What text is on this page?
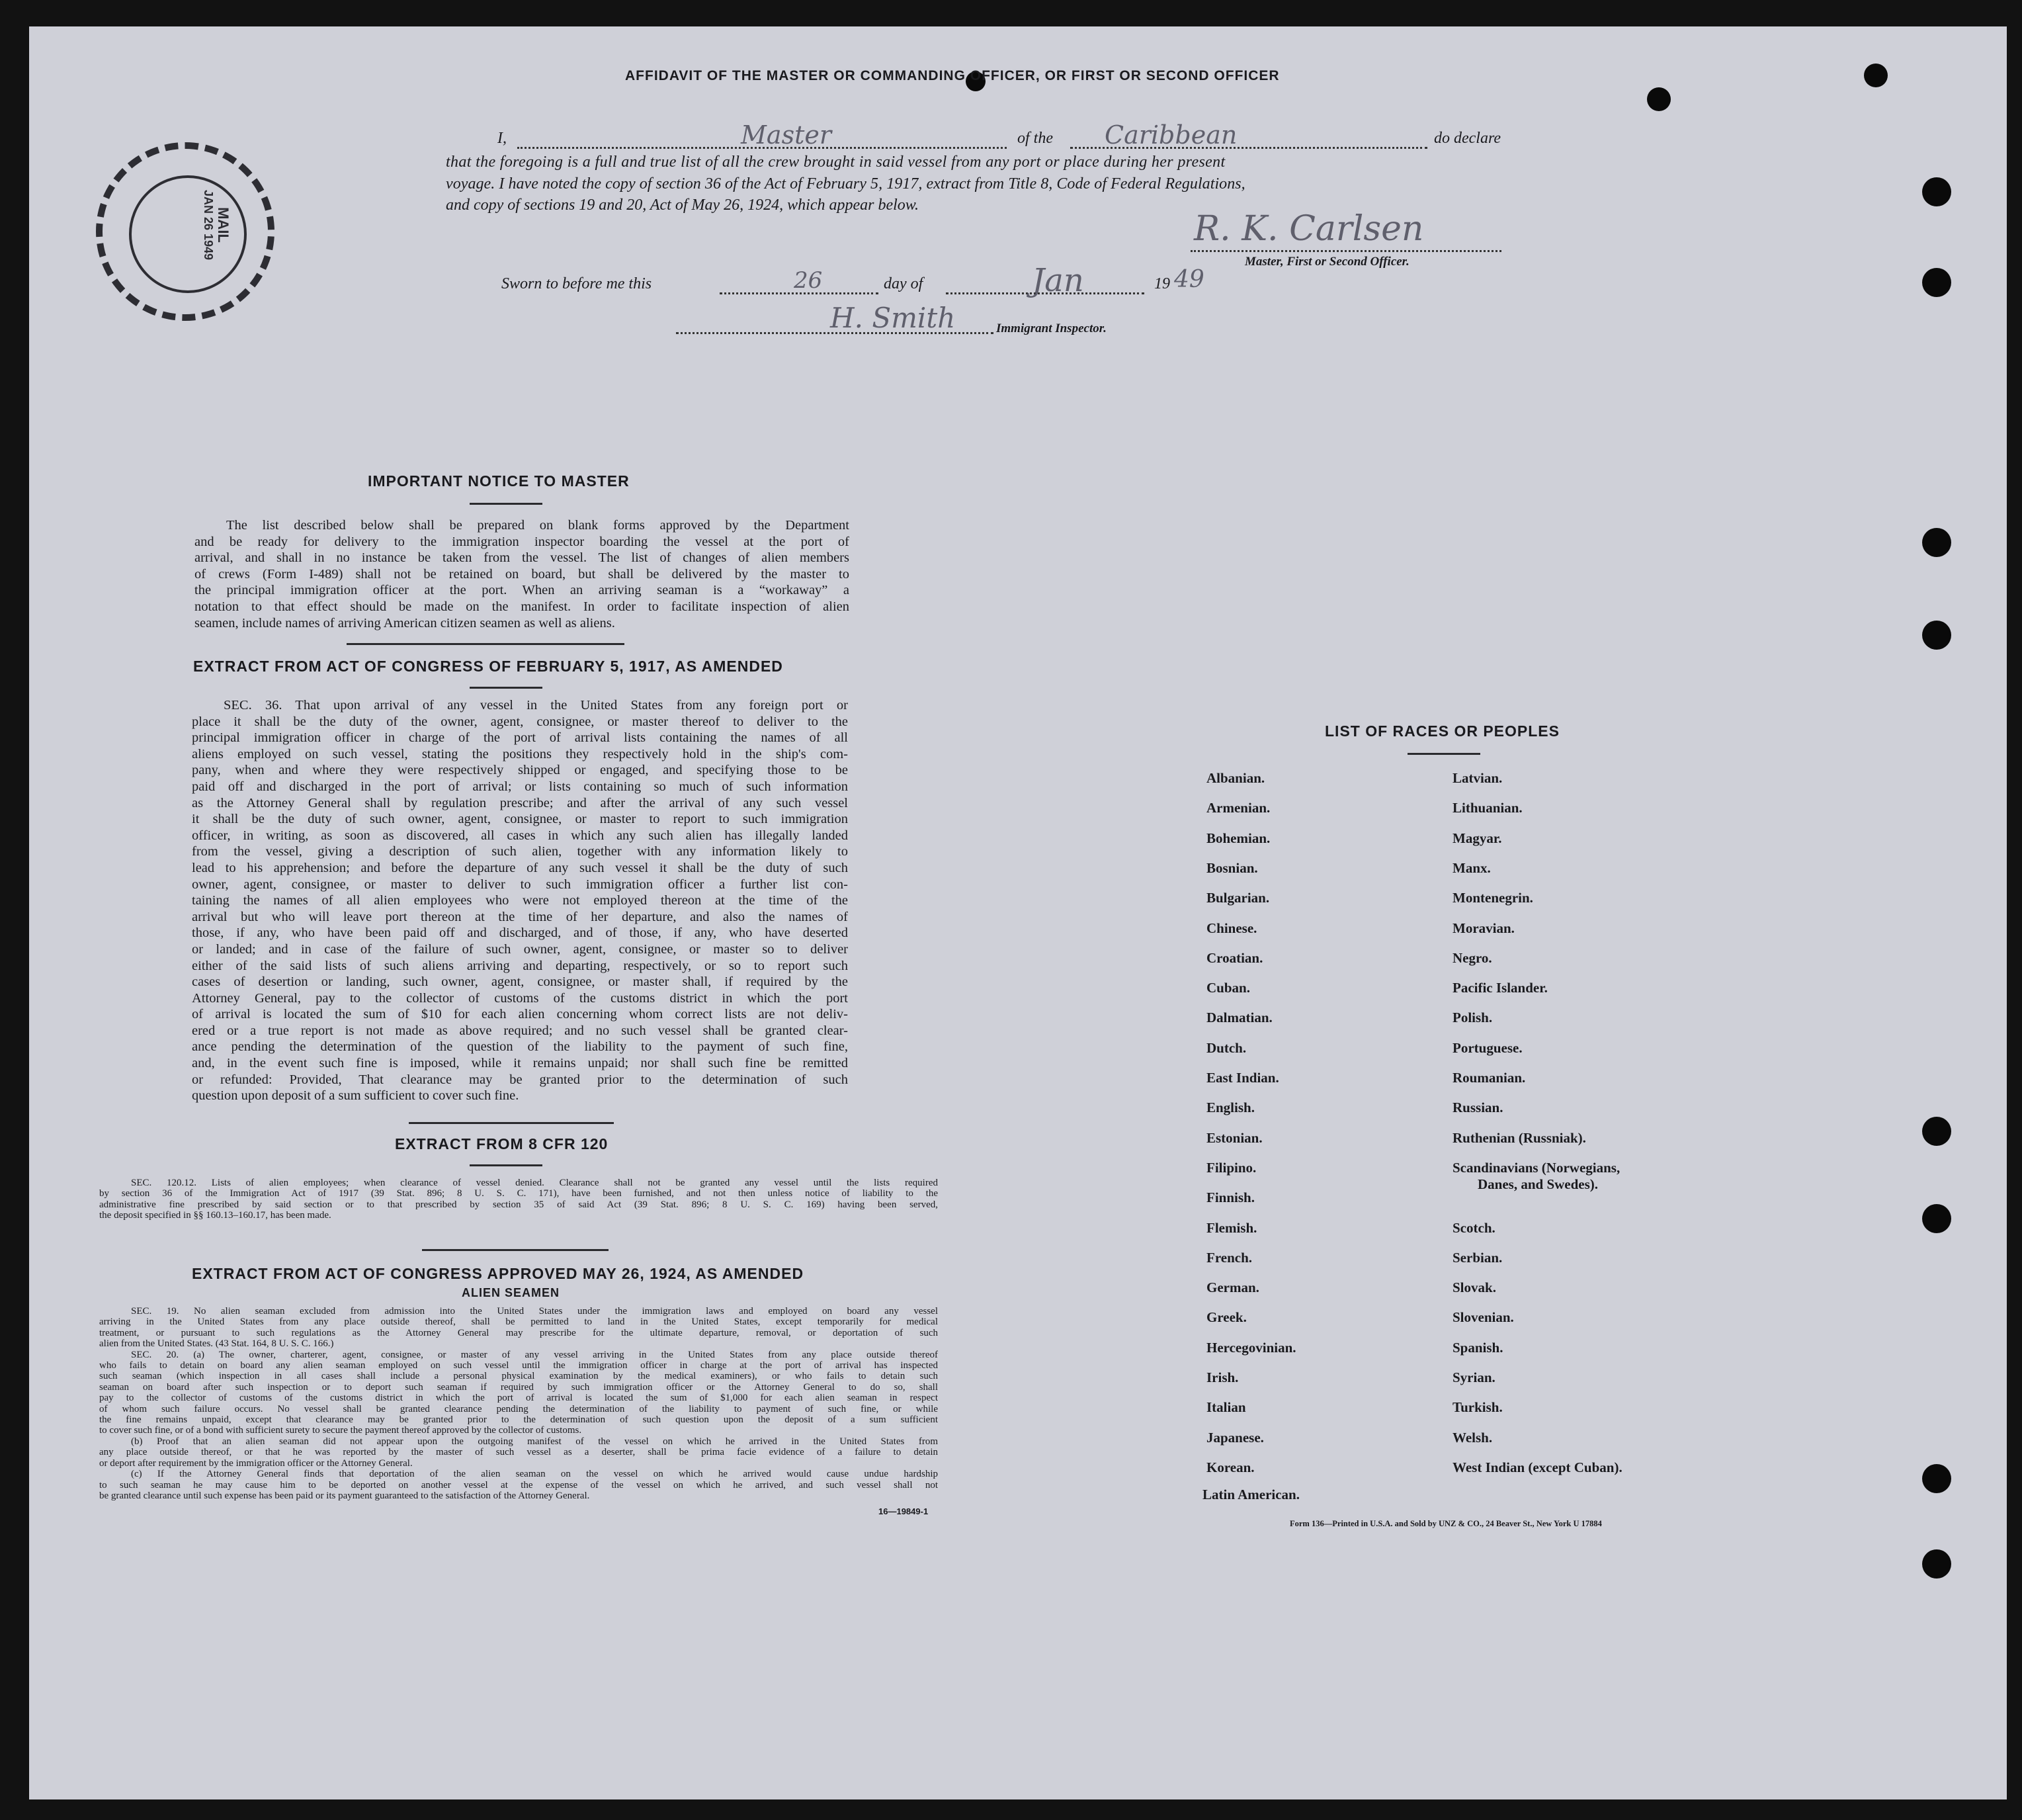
AFFIDAVIT OF THE MASTER OR COMMANDING OFFICER, OR FIRST OR SECOND OFFICER
I,	Master	of the Caribbean	do declare
that the foregoing is a full and true list of all the crew brought in said vessel from any port or place during her present
voyage. I have noted the copy of section 36 of the Act of February 5, 1917, extract from Title 8, Code of Federal Regulations,
and copy of sections 19 and 20, Act of May 26, 1924, which appear below.
R. K. Carlsen
Master, First or Second Officer.
Sworn to before me this	26	day of	Jan	19 49
H. Smith	Immigrant Inspector.
MAIL
JAN 26 1949
IMPORTANT NOTICE TO MASTER
The list described below shall be prepared on blank forms approved by the Department
and be ready for delivery to the immigration inspector boarding the vessel at the port of
arrival, and shall in no instance be taken from the vessel. The list of changes of alien members
of crews (Form I-489) shall not be retained on board, but shall be delivered by the master to
the principal immigration officer at the port. When an arriving seaman is a “workaway” a
notation to that effect should be made on the manifest. In order to facilitate inspection of alien
seamen, include names of arriving American citizen seamen as well as aliens.
EXTRACT FROM ACT OF CONGRESS OF FEBRUARY 5, 1917, AS AMENDED
SEC. 36. That upon arrival of any vessel in the United States from any foreign port or
place it shall be the duty of the owner, agent, consignee, or master thereof to deliver to the
principal immigration officer in charge of the port of arrival lists containing the names of all
aliens employed on such vessel, stating the positions they respectively hold in the ship's com-
pany, when and where they were respectively shipped or engaged, and specifying those to be
paid off and discharged in the port of arrival; or lists containing so much of such information
as the Attorney General shall by regulation prescribe; and after the arrival of any such vessel
it shall be the duty of such owner, agent, consignee, or master to report to such immigration
officer, in writing, as soon as discovered, all cases in which any such alien has illegally landed
from the vessel, giving a description of such alien, together with any information likely to
lead to his apprehension; and before the departure of any such vessel it shall be the duty of such
owner, agent, consignee, or master to deliver to such immigration officer a further list con-
taining the names of all alien employees who were not employed thereon at the time of the
arrival but who will leave port thereon at the time of her departure, and also the names of
those, if any, who have been paid off and discharged, and of those, if any, who have deserted
or landed; and in case of the failure of such owner, agent, consignee, or master so to deliver
either of the said lists of such aliens arriving and departing, respectively, or so to report such
cases of desertion or landing, such owner, agent, consignee, or master shall, if required by the
Attorney General, pay to the collector of customs of the customs district in which the port
of arrival is located the sum of $10 for each alien concerning whom correct lists are not deliv-
ered or a true report is not made as above required; and no such vessel shall be granted clear-
ance pending the determination of the question of the liability to the payment of such fine,
and, in the event such fine is imposed, while it remains unpaid; nor shall such fine be remitted
or refunded: Provided, That clearance may be granted prior to the determination of such
question upon deposit of a sum sufficient to cover such fine.
EXTRACT FROM 8 CFR 120
SEC. 120.12. Lists of alien employees; when clearance of vessel denied. Clearance shall not be granted any vessel until the lists required
by section 36 of the Immigration Act of 1917 (39 Stat. 896; 8 U. S. C. 171), have been furnished, and not then unless notice of liability to the
administrative fine prescribed by said section or to that prescribed by section 35 of said Act (39 Stat. 896; 8 U. S. C. 169) having been served,
the deposit specified in §§ 160.13–160.17, has been made.
EXTRACT FROM ACT OF CONGRESS APPROVED MAY 26, 1924, AS AMENDED
ALIEN SEAMEN
SEC. 19. No alien seaman excluded from admission into the United States under the immigration laws and employed on board any vessel
arriving in the United States from any place outside thereof, shall be permitted to land in the United States, except temporarily for medical
treatment, or pursuant to such regulations as the Attorney General may prescribe for the ultimate departure, removal, or deportation of such
alien from the United States. (43 Stat. 164, 8 U. S. C. 166.)
SEC. 20. (a) The owner, charterer, agent, consignee, or master of any vessel arriving in the United States from any place outside thereof
who fails to detain on board any alien seaman employed on such vessel until the immigration officer in charge at the port of arrival has inspected
such seaman (which inspection in all cases shall include a personal physical examination by the medical examiners), or who fails to detain such
seaman on board after such inspection or to deport such seaman if required by such immigration officer or the Attorney General to do so, shall
pay to the collector of customs of the customs district in which the port of arrival is located the sum of $1,000 for each alien seaman in respect
of whom such failure occurs. No vessel shall be granted clearance pending the determination of the liability to payment of such fine, or while
the fine remains unpaid, except that clearance may be granted prior to the determination of such question upon the deposit of a sum sufficient
to cover such fine, or of a bond with sufficient surety to secure the payment thereof approved by the collector of customs.
(b) Proof that an alien seaman did not appear upon the outgoing manifest of the vessel on which he arrived in the United States from
any place outside thereof, or that he was reported by the master of such vessel as a deserter, shall be prima facie evidence of a failure to detain
or deport after requirement by the immigration officer or the Attorney General.
(c) If the Attorney General finds that deportation of the alien seaman on the vessel on which he arrived would cause undue hardship
to such seaman he may cause him to be deported on another vessel at the expense of the vessel on which he arrived, and such vessel shall not
be granted clearance until such expense has been paid or its payment guaranteed to the satisfaction of the Attorney General.
16—19849-1
LIST OF RACES OR PEOPLES
Albanian.
Armenian.
Bohemian.
Bosnian.
Bulgarian.
Chinese.
Croatian.
Cuban.
Dalmatian.
Dutch.
East Indian.
English.
Estonian.
Filipino.
Finnish.
Flemish.
French.
German.
Greek.
Hercegovinian.
Irish.
Italian
Japanese.
Korean.
Latin American.
Latvian.
Lithuanian.
Magyar.
Manx.
Montenegrin.
Moravian.
Negro.
Pacific Islander.
Polish.
Portuguese.
Roumanian.
Russian.
Ruthenian (Russniak).
Scandinavians (Norwegians,
Danes, and Swedes).
Scotch.
Serbian.
Slovak.
Slovenian.
Spanish.
Syrian.
Turkish.
Welsh.
West Indian (except Cuban).
Form 136—Printed in U.S.A. and Sold by UNZ & CO., 24 Beaver St., New York U 17884
